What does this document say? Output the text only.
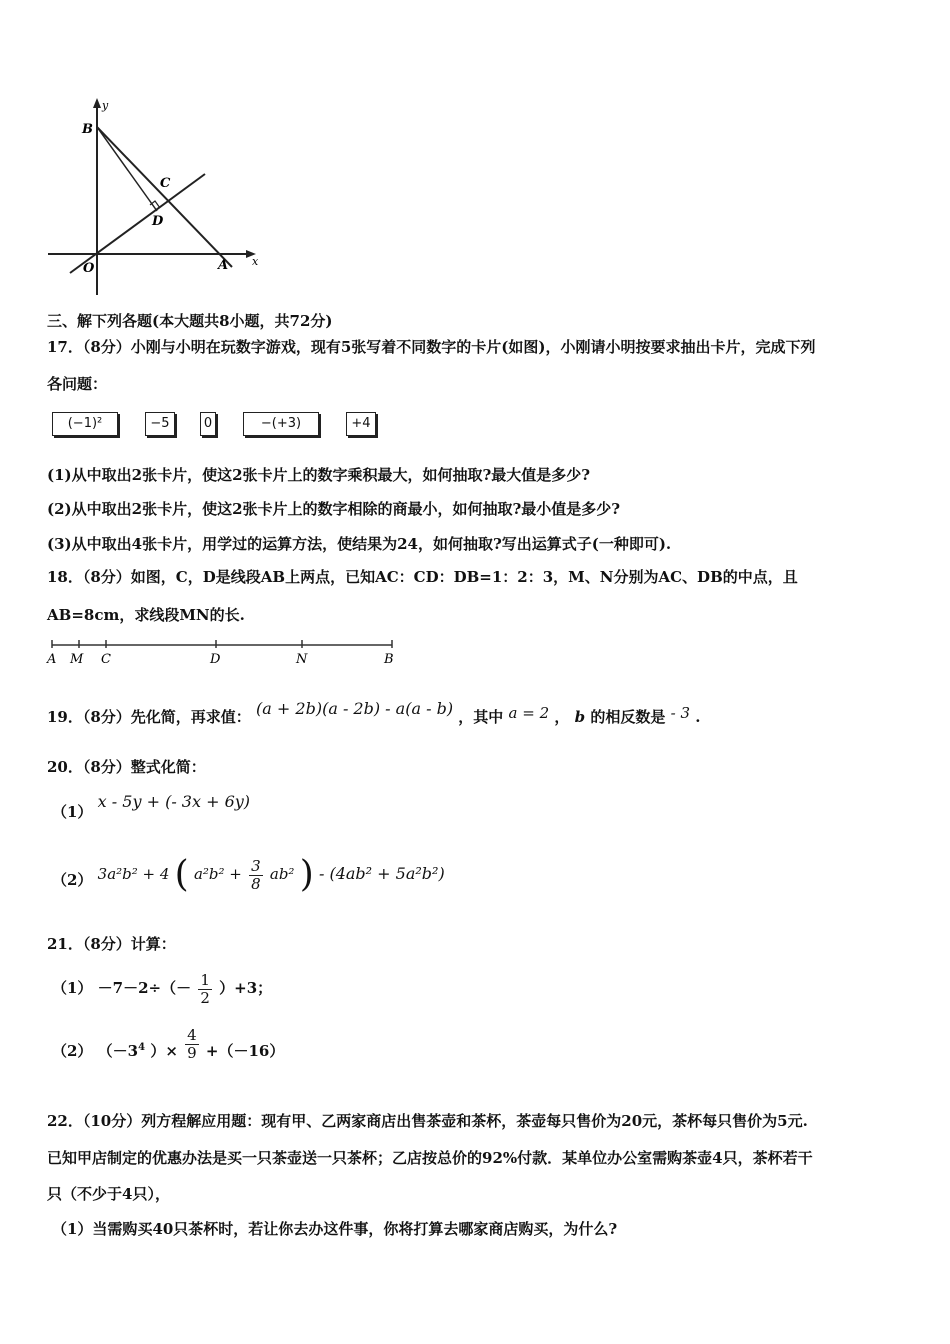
y
B
C
D
O	A x
三、解下列各题(本大题共8小题，共72分)
17．（8分）小刚与小明在玩数字游戏，现有5张写着不同数字的卡片(如图)，小刚请小明按要求抽出卡片，完成下列
各问题：
(−1)²	−5	0	−(+3)	+4
(1)从中取出2张卡片，使这2张卡片上的数字乘积最大，如何抽取?最大值是多少?
(2)从中取出2张卡片，使这2张卡片上的数字相除的商最小，如何抽取?最小值是多少?
(3)从中取出4张卡片，用学过的运算方法，使结果为24，如何抽取?写出运算式子(一种即可).
18．（8分）如图，C，D是线段AB上两点，已知AC：CD：DB=1：2：3，M、N分别为AC、DB的中点，且
AB=8cm，求线段MN的长.
A M C	D	N	B
19．（8分）先化简，再求值： (a + 2b)(a - 2b) - a(a - b) ，其中 a = 2 ， b 的相反数是 - 3 .
20．（8分）整式化简：
（1） x - 5y + (- 3x + 6y)
（2） 3a²b² + 4 ( $a^2b^2 + \frac{3}{8} ab^2$ ) - (4ab² + 5a²b²)
21．（8分）计算：
$(1) -7-2\div(- \frac{1}{2} )+3$；
（2） （$-3^4$ ）× $\frac{4}{9} +(-16)$
22．（10分）列方程解应用题：现有甲、乙两家商店出售茶壶和茶杯，茶壶每只售价为20元，茶杯每只售价为5元.
已知甲店制定的优惠办法是买一只茶壶送一只茶杯；乙店按总价的92%付款．某单位办公室需购茶壶4只，茶杯若干
只（不少于4只），
（1）当需购买40只茶杯时，若让你去办这件事，你将打算去哪家商店购买，为什么?
